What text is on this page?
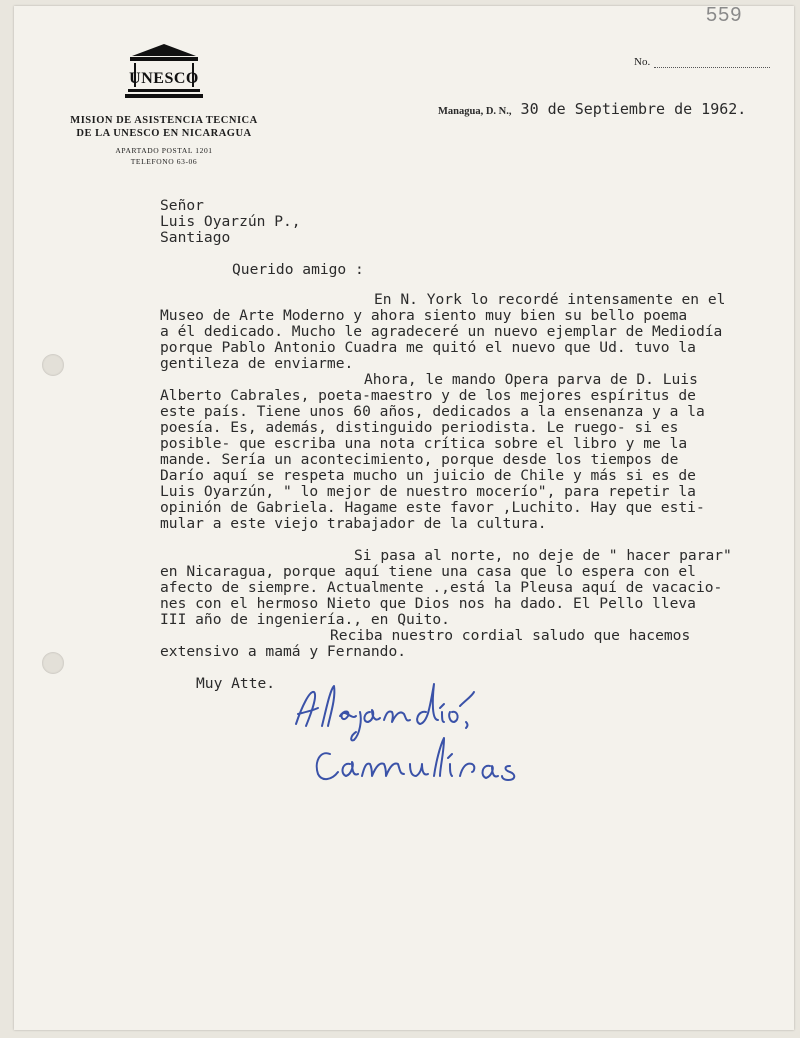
559
No.
UNESCO
MISION DE ASISTENCIA TECNICA
DE LA UNESCO EN NICARAGUA
APARTADO POSTAL 1201
TELEFONO 63-06
Managua, D. N., 30 de Septiembre de 1962.
Señor
Luis Oyarzún P.,
Santiago
Querido amigo :
En N. York lo recordé intensamente en el
Museo de Arte Moderno y ahora siento muy bien su bello poema
a él dedicado. Mucho le agradeceré un nuevo ejemplar de Mediodía
porque Pablo Antonio Cuadra me quitó el nuevo que Ud. tuvo la
gentileza de enviarme.
Ahora, le mando Opera parva de D. Luis
Alberto Cabrales, poeta-maestro y de los mejores espíritus de
este país. Tiene unos 60 años, dedicados a la ensenanza y a la
poesía. Es, además, distinguido periodista. Le ruego- si es
posible- que escriba una nota crítica sobre el libro y me la
mande. Sería un acontecimiento, porque desde los tiempos de
Darío aquí se respeta mucho un juicio de Chile y más si es de
Luis Oyarzún, " lo mejor de nuestro mocerío", para repetir la
opinión de Gabriela. Hagame este favor ,Luchito. Hay que esti-
mular a este viejo trabajador de la cultura.
Si pasa al norte, no deje de " hacer parar"
en Nicaragua, porque aquí tiene una casa que lo espera con el
afecto de siempre. Actualmente .,está la Pleusa aquí de vacacio-
nes con el hermoso Nieto que Dios nos ha dado. El Pello lleva
III año de ingeniería., en Quito.
Reciba nuestro cordial saludo que hacemos
extensivo a mamá y Fernando.
Muy Atte.
Alejandro
Carmelias
